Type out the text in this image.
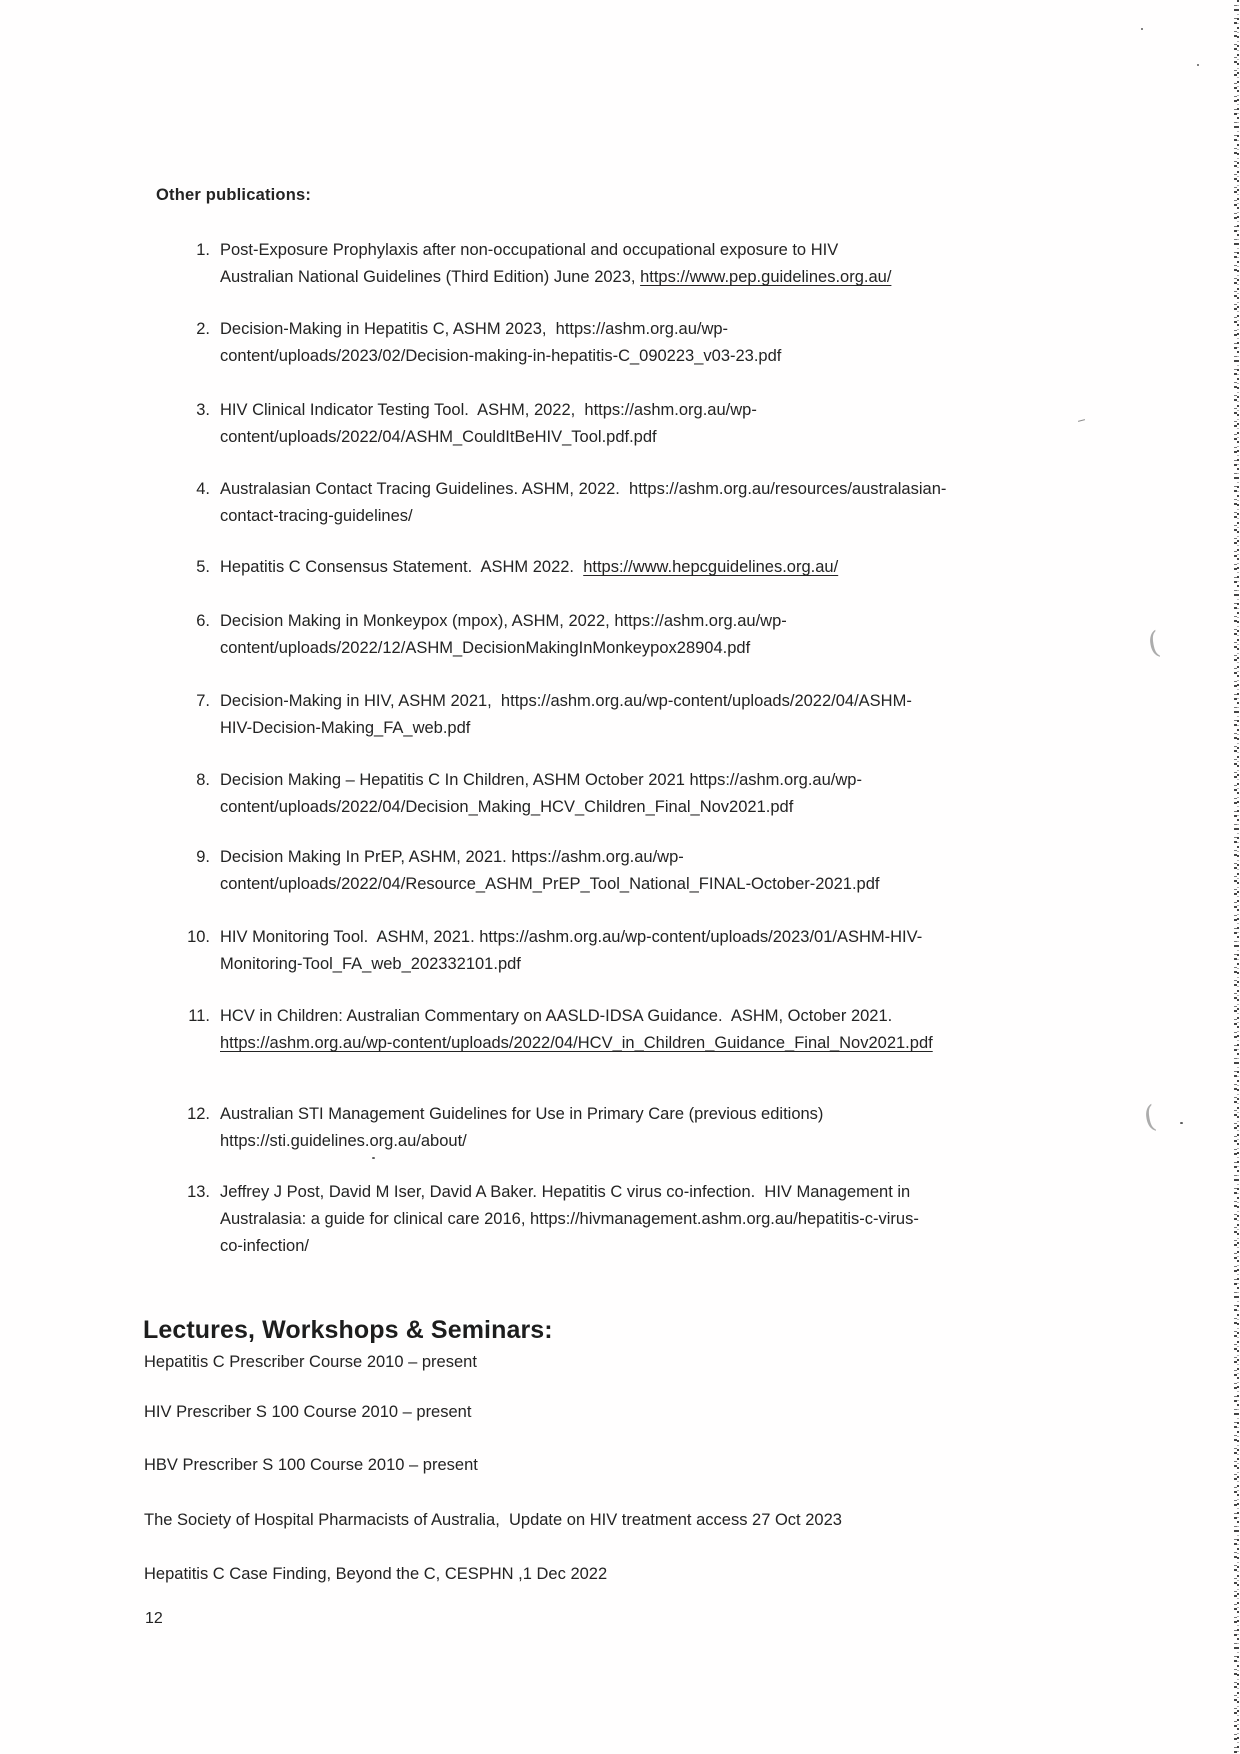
Other publications:
1. Post-Exposure Prophylaxis after non-occupational and occupational exposure to HIV
Australian National Guidelines (Third Edition) June 2023, https://www.pep.guidelines.org.au/
2. Decision-Making in Hepatitis C, ASHM 2023,  https://ashm.org.au/wp-
content/uploads/2023/02/Decision-making-in-hepatitis-C_090223_v03-23.pdf
3. HIV Clinical Indicator Testing Tool.  ASHM, 2022,  https://ashm.org.au/wp-
content/uploads/2022/04/ASHM_CouldItBeHIV_Tool.pdf.pdf
4. Australasian Contact Tracing Guidelines. ASHM, 2022.  https://ashm.org.au/resources/australasian-
contact-tracing-guidelines/
5. Hepatitis C Consensus Statement.  ASHM 2022.  https://www.hepcguidelines.org.au/
6. Decision Making in Monkeypox (mpox), ASHM, 2022, https://ashm.org.au/wp-
content/uploads/2022/12/ASHM_DecisionMakingInMonkeypox28904.pdf
7. Decision-Making in HIV, ASHM 2021,  https://ashm.org.au/wp-content/uploads/2022/04/ASHM-
HIV-Decision-Making_FA_web.pdf
8. Decision Making – Hepatitis C In Children, ASHM October 2021 https://ashm.org.au/wp-
content/uploads/2022/04/Decision_Making_HCV_Children_Final_Nov2021.pdf
9. Decision Making In PrEP, ASHM, 2021. https://ashm.org.au/wp-
content/uploads/2022/04/Resource_ASHM_PrEP_Tool_National_FINAL-October-2021.pdf
10. HIV Monitoring Tool.  ASHM, 2021. https://ashm.org.au/wp-content/uploads/2023/01/ASHM-HIV-
Monitoring-Tool_FA_web_202332101.pdf
11. HCV in Children: Australian Commentary on AASLD-IDSA Guidance.  ASHM, October 2021.
https://ashm.org.au/wp-content/uploads/2022/04/HCV_in_Children_Guidance_Final_Nov2021.pdf
12. Australian STI Management Guidelines for Use in Primary Care (previous editions)
https://sti.guidelines.org.au/about/
13. Jeffrey J Post, David M Iser, David A Baker. Hepatitis C virus co-infection.  HIV Management in
Australasia: a guide for clinical care 2016, https://hivmanagement.ashm.org.au/hepatitis-c-virus-
co-infection/
Lectures, Workshops & Seminars:
Hepatitis C Prescriber Course 2010 – present
HIV Prescriber S 100 Course 2010 – present
HBV Prescriber S 100 Course 2010 – present
The Society of Hospital Pharmacists of Australia,  Update on HIV treatment access 27 Oct 2023
Hepatitis C Case Finding, Beyond the C, CESPHN ,1 Dec 2022
12
(
(
